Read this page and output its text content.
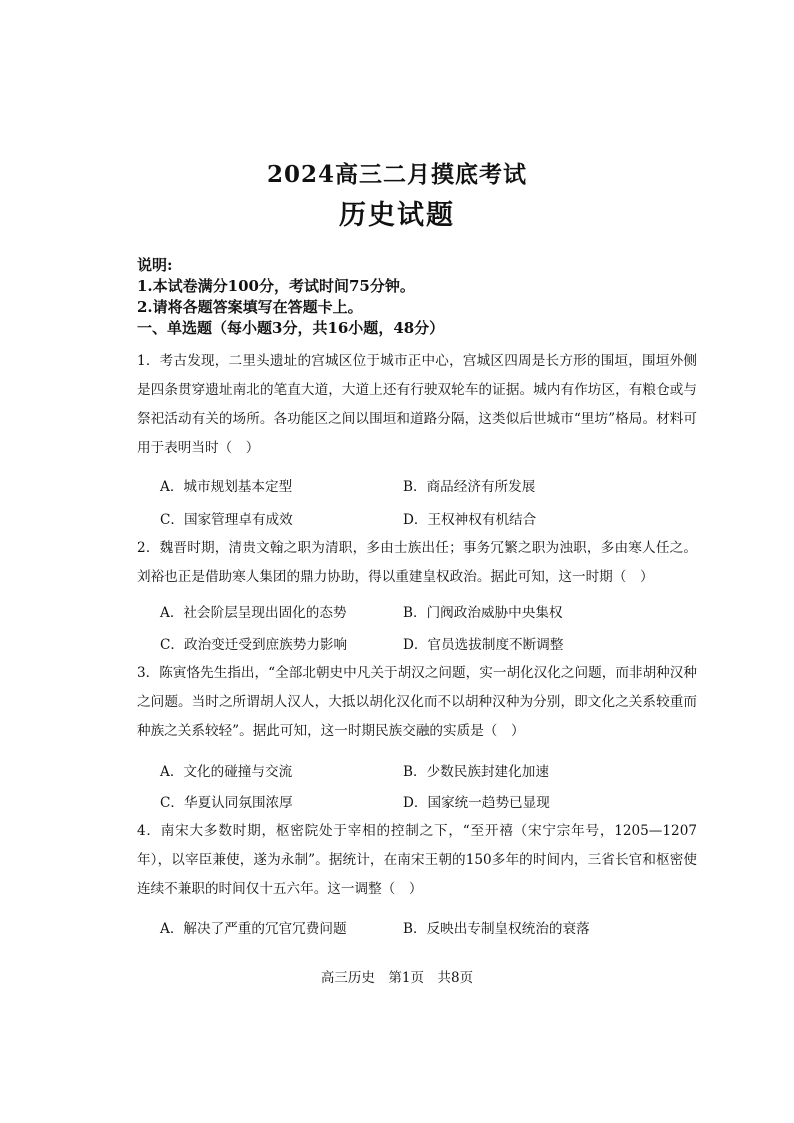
2024高三二月摸底考试
历史试题
说明:
1.本试卷满分100分，考试时间75分钟。
2.请将各题答案填写在答题卡上。
一、单选题（每小题3分，共16小题，48分）
1．考古发现，二里头遗址的宫城区位于城市正中心，宫城区四周是长方形的围垣，围垣外侧是四条贯穿遗址南北的笔直大道，大道上还有行驶双轮车的证据。城内有作坊区，有粮仓或与祭祀活动有关的场所。各功能区之间以围垣和道路分隔，这类似后世城市“里坊”格局。材料可用于表明当时（　）
A．城市规划基本定型	B．商品经济有所发展
C．国家管理卓有成效	D．王权神权有机结合
2．魏晋时期，清贵文翰之职为清职，多由士族出任；事务冗繁之职为浊职，多由寒人任之。刘裕也正是借助寒人集团的鼎力协助，得以重建皇权政治。据此可知，这一时期（　）
A．社会阶层呈现出固化的态势	B．门阀政治威胁中央集权
C．政治变迁受到庶族势力影响	D．官员选拔制度不断调整
3．陈寅恪先生指出，“全部北朝史中凡关于胡汉之问题，实一胡化汉化之问题，而非胡种汉种之问题。当时之所谓胡人汉人，大抵以胡化汉化而不以胡种汉种为分别，即文化之关系较重而种族之关系较轻”。据此可知，这一时期民族交融的实质是（　）
A．文化的碰撞与交流	B．少数民族封建化加速
C．华夏认同氛围浓厚	D．国家统一趋势已显现
4．南宋大多数时期，枢密院处于宰相的控制之下，“至开禧（宋宁宗年号，1205—1207年），以宰臣兼使，遂为永制”。据统计，在南宋王朝的150多年的时间内，三省长官和枢密使连续不兼职的时间仅十五六年。这一调整（　）
A．解决了严重的冗官冗费问题	B．反映出专制皇权统治的衰落
高三历史　第1页　共8页
